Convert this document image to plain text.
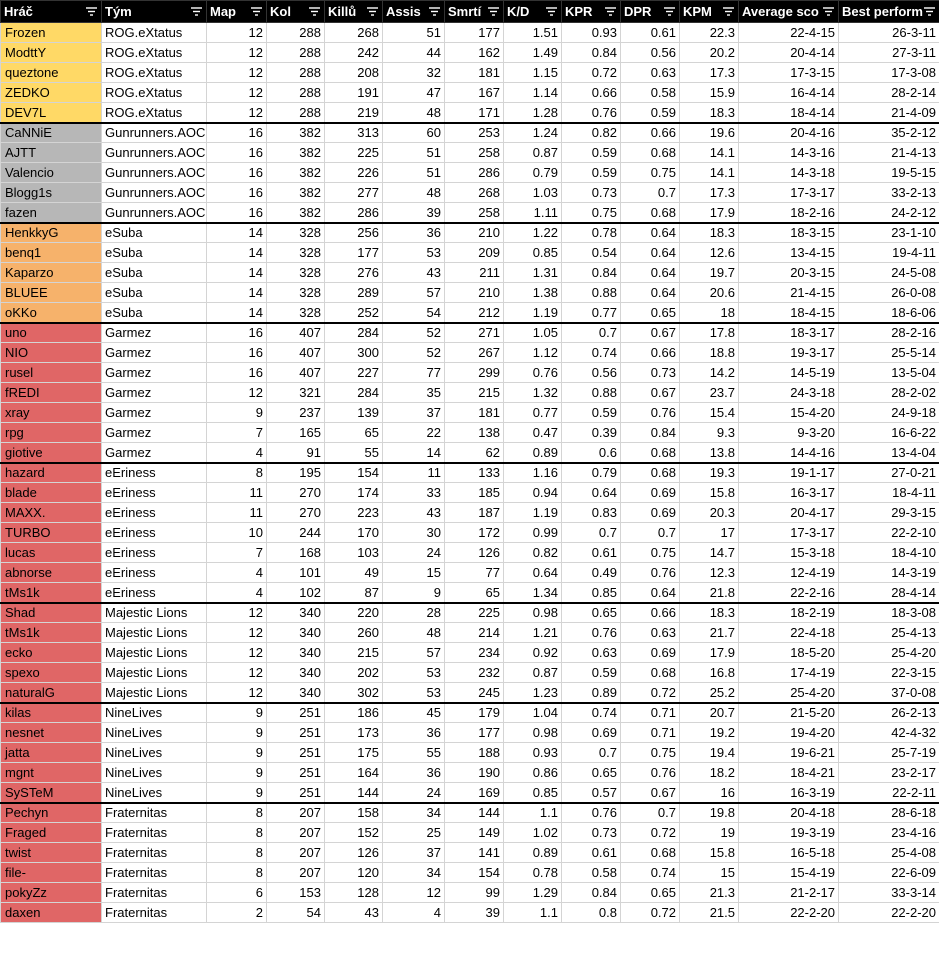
Hráč	Tým	Map	Kol	Killů	Assis	Smrtí	K/D	KPR	DPR	KPM	Average sco	Best perform

Frozen	ROG.eXtatus	12	288	268	51	177	1.51	0.93	0.61	22.3	22-4-15	26-3-11
ModttY	ROG.eXtatus	12	288	242	44	162	1.49	0.84	0.56	20.2	20-4-14	27-3-11
queztone	ROG.eXtatus	12	288	208	32	181	1.15	0.72	0.63	17.3	17-3-15	17-3-08
ZEDKO	ROG.eXtatus	12	288	191	47	167	1.14	0.66	0.58	15.9	16-4-14	28-2-14
DEV7L	ROG.eXtatus	12	288	219	48	171	1.28	0.76	0.59	18.3	18-4-14	21-4-09
CaNNiE	Gunrunners.AOC	16	382	313	60	253	1.24	0.82	0.66	19.6	20-4-16	35-2-12
AJTT	Gunrunners.AOC	16	382	225	51	258	0.87	0.59	0.68	14.1	14-3-16	21-4-13
Valencio	Gunrunners.AOC	16	382	226	51	286	0.79	0.59	0.75	14.1	14-3-18	19-5-15
Blogg1s	Gunrunners.AOC	16	382	277	48	268	1.03	0.73	0.7	17.3	17-3-17	33-2-13
fazen	Gunrunners.AOC	16	382	286	39	258	1.11	0.75	0.68	17.9	18-2-16	24-2-12
HenkkyG	eSuba	14	328	256	36	210	1.22	0.78	0.64	18.3	18-3-15	23-1-10
benq1	eSuba	14	328	177	53	209	0.85	0.54	0.64	12.6	13-4-15	19-4-11
Kaparzo	eSuba	14	328	276	43	211	1.31	0.84	0.64	19.7	20-3-15	24-5-08
BLUEE	eSuba	14	328	289	57	210	1.38	0.88	0.64	20.6	21-4-15	26-0-08
oKKo	eSuba	14	328	252	54	212	1.19	0.77	0.65	18	18-4-15	18-6-06
uno	Garmez	16	407	284	52	271	1.05	0.7	0.67	17.8	18-3-17	28-2-16
NIO	Garmez	16	407	300	52	267	1.12	0.74	0.66	18.8	19-3-17	25-5-14
rusel	Garmez	16	407	227	77	299	0.76	0.56	0.73	14.2	14-5-19	13-5-04
fREDI	Garmez	12	321	284	35	215	1.32	0.88	0.67	23.7	24-3-18	28-2-02
xray	Garmez	9	237	139	37	181	0.77	0.59	0.76	15.4	15-4-20	24-9-18
rpg	Garmez	7	165	65	22	138	0.47	0.39	0.84	9.3	9-3-20	16-6-22
giotive	Garmez	4	91	55	14	62	0.89	0.6	0.68	13.8	14-4-16	13-4-04
hazard	eEriness	8	195	154	11	133	1.16	0.79	0.68	19.3	19-1-17	27-0-21
blade	eEriness	11	270	174	33	185	0.94	0.64	0.69	15.8	16-3-17	18-4-11
MAXX.	eEriness	11	270	223	43	187	1.19	0.83	0.69	20.3	20-4-17	29-3-15
TURBO	eEriness	10	244	170	30	172	0.99	0.7	0.7	17	17-3-17	22-2-10
lucas	eEriness	7	168	103	24	126	0.82	0.61	0.75	14.7	15-3-18	18-4-10
abnorse	eEriness	4	101	49	15	77	0.64	0.49	0.76	12.3	12-4-19	14-3-19
tMs1k	eEriness	4	102	87	9	65	1.34	0.85	0.64	21.8	22-2-16	28-4-14
Shad	Majestic Lions	12	340	220	28	225	0.98	0.65	0.66	18.3	18-2-19	18-3-08
tMs1k	Majestic Lions	12	340	260	48	214	1.21	0.76	0.63	21.7	22-4-18	25-4-13
ecko	Majestic Lions	12	340	215	57	234	0.92	0.63	0.69	17.9	18-5-20	25-4-20
spexo	Majestic Lions	12	340	202	53	232	0.87	0.59	0.68	16.8	17-4-19	22-3-15
naturalG	Majestic Lions	12	340	302	53	245	1.23	0.89	0.72	25.2	25-4-20	37-0-08
kilas	NineLives	9	251	186	45	179	1.04	0.74	0.71	20.7	21-5-20	26-2-13
nesnet	NineLives	9	251	173	36	177	0.98	0.69	0.71	19.2	19-4-20	42-4-32
jatta	NineLives	9	251	175	55	188	0.93	0.7	0.75	19.4	19-6-21	25-7-19
mgnt	NineLives	9	251	164	36	190	0.86	0.65	0.76	18.2	18-4-21	23-2-17
SySTeM	NineLives	9	251	144	24	169	0.85	0.57	0.67	16	16-3-19	22-2-11
Pechyn	Fraternitas	8	207	158	34	144	1.1	0.76	0.7	19.8	20-4-18	28-6-18
Fraged	Fraternitas	8	207	152	25	149	1.02	0.73	0.72	19	19-3-19	23-4-16
twist	Fraternitas	8	207	126	37	141	0.89	0.61	0.68	15.8	16-5-18	25-4-08
file-	Fraternitas	8	207	120	34	154	0.78	0.58	0.74	15	15-4-19	22-6-09
pokyZz	Fraternitas	6	153	128	12	99	1.29	0.84	0.65	21.3	21-2-17	33-3-14
daxen	Fraternitas	2	54	43	4	39	1.1	0.8	0.72	21.5	22-2-20	22-2-20
